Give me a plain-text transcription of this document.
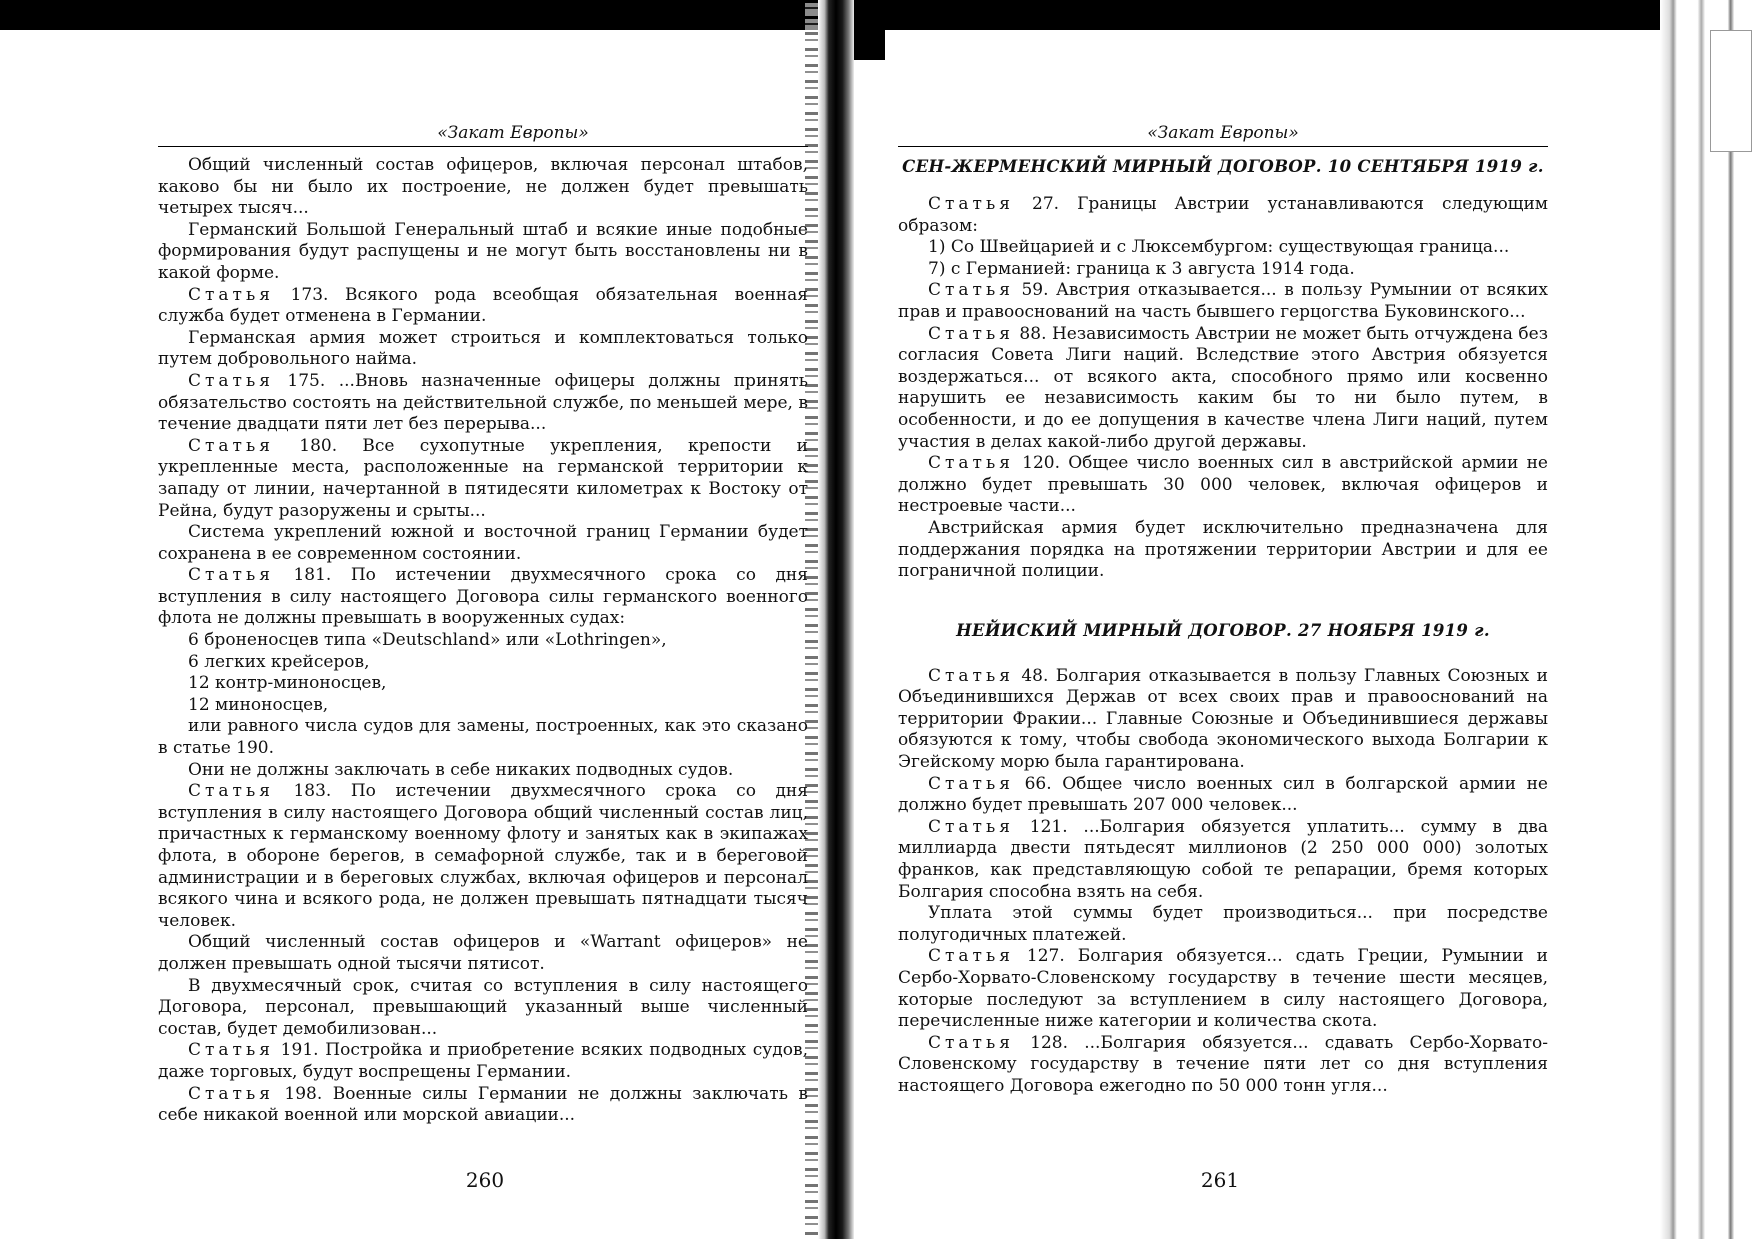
«Закат Европы»

Общий численный состав офицеров, включая персонал штабов, каково бы ни было их построение, не должен будет превышать четырех тысяч...

Германский Большой Генеральный штаб и всякие иные подобные формирования будут распущены и не могут быть восстановлены ни в какой форме.

Статья 173. Всякого рода всеобщая обязательная военная служба будет отменена в Германии.

Германская армия может строиться и комплектоваться только путем добровольного найма.

Статья 175. ...Вновь назначенные офицеры должны принять обязательство состоять на действительной службе, по меньшей мере, в течение двадцати пяти лет без перерыва...

Статья 180. Все сухопутные укрепления, крепости и укрепленные места, расположенные на германской территории к западу от линии, начертанной в пятидесяти километрах к Востоку от Рейна, будут разоружены и срыты...

Система укреплений южной и восточной границ Германии будет сохранена в ее современном состоянии.

Статья 181. По истечении двухмесячного срока со дня вступления в силу настоящего Договора силы германского военного флота не должны превышать в вооруженных судах:

6 броненосцев типа «Deutschland» или «Lothringen»,

6 легких крейсеров,

12 контр-миноносцев,

12 миноносцев,

или равного числа судов для замены, построенных, как это сказано в статье 190.

Они не должны заключать в себе никаких подводных судов.

Статья 183. По истечении двухмесячного срока со дня вступления в силу настоящего Договора общий численный состав лиц, причастных к германскому военному флоту и занятых как в экипажах флота, в обороне берегов, в семафорной службе, так и в береговой администрации и в береговых службах, включая офицеров и персонал всякого чина и всякого рода, не должен превышать пятнадцати тысяч человек.

Общий численный состав офицеров и «Warrant офицеров» не должен превышать одной тысячи пятисот.

В двухмесячный срок, считая со вступления в силу настоящего Договора, персонал, превышающий указанный выше численный состав, будет демобилизован...

Статья 191. Постройка и приобретение всяких подводных судов, даже торговых, будут воспрещены Германии.

Статья 198. Военные силы Германии не должны заключать в себе никакой военной или морской авиации...

«Закат Европы»
СЕН-ЖЕРМЕНСКИЙ МИРНЫЙ ДОГОВОР. 10 СЕНТЯБРЯ 1919 г.

Статья 27. Границы Австрии устанавливаются следующим образом:

1) Со Швейцарией и с Люксембургом: существующая граница...

7) с Германией: граница к 3 августа 1914 года.

Статья 59. Австрия отказывается... в пользу Румынии от всяких прав и правооснований на часть бывшего герцогства Буковинского...

Статья 88. Независимость Австрии не может быть отчуждена без согласия Совета Лиги наций. Вследствие этого Австрия обязуется воздержаться... от всякого акта, способного прямо или косвенно нарушить ее независимость каким бы то ни было путем, в особенности, и до ее допущения в качестве члена Лиги наций, путем участия в делах какой-либо другой державы.

Статья 120. Общее число военных сил в австрийской армии не должно будет превышать 30 000 человек, включая офицеров и нестроевые части...

Австрийская армия будет исключительно предназначена для поддержания порядка на протяжении территории Австрии и для ее пограничной полиции.

НЕЙИСКИЙ МИРНЫЙ ДОГОВОР. 27 НОЯБРЯ 1919 г.

Статья 48. Болгария отказывается в пользу Главных Союзных и Объединившихся Держав от всех своих прав и правооснований на территории Фракии... Главные Союзные и Объединившиеся державы обязуются к тому, чтобы свобода экономического выхода Болгарии к Эгейскому морю была гарантирована.

Статья 66. Общее число военных сил в болгарской армии не должно будет превышать 207 000 человек...

Статья 121. ...Болгария обязуется уплатить... сумму в два миллиарда двести пятьдесят миллионов (2 250 000 000) золотых франков, как представляющую собой те репарации, бремя которых Болгария способна взять на себя.

Уплата этой суммы будет производиться... при посредстве полугодичных платежей.

Статья 127. Болгария обязуется... сдать Греции, Румынии и Сербо-Хорвато-Словенскому государству в течение шести месяцев, которые последуют за вступлением в силу настоящего Договора, перечисленные ниже категории и количества скота.

Статья 128. ...Болгария обязуется... сдавать Сербо-Хорвато-Словенскому государству в течение пяти лет со дня вступления настоящего Договора ежегодно по 50 000 тонн угля...

260	261
